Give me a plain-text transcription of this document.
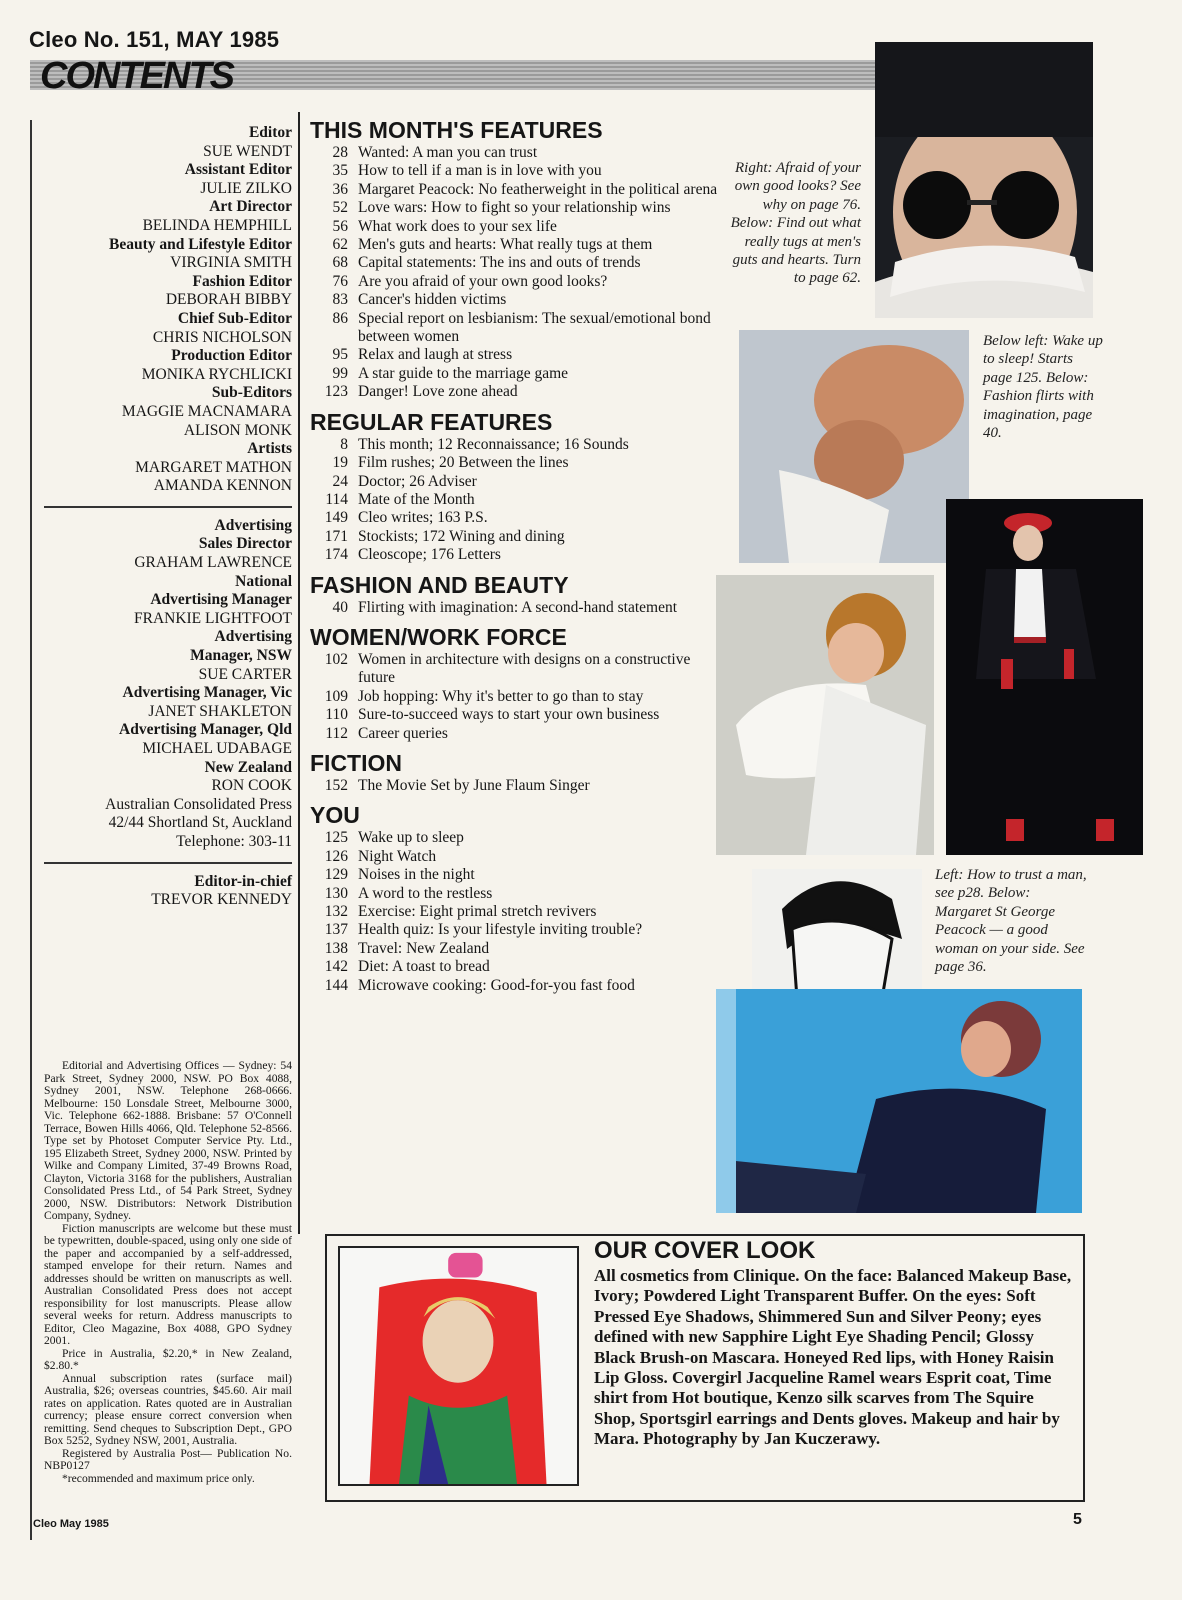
Cleo No. 151, MAY 1985
CONTENTS
Editor
SUE WENDT
Assistant Editor
JULIE ZILKO
Art Director
BELINDA HEMPHILL
Beauty and Lifestyle Editor
VIRGINIA SMITH
Fashion Editor
DEBORAH BIBBY
Chief Sub-Editor
CHRIS NICHOLSON
Production Editor
MONIKA RYCHLICKI
Sub-Editors
MAGGIE MACNAMARA
ALISON MONK
Artists
MARGARET MATHON
AMANDA KENNON
Advertising
Sales Director
GRAHAM LAWRENCE
National
Advertising Manager
FRANKIE LIGHTFOOT
Advertising
Manager, NSW
SUE CARTER
Advertising Manager, Vic
JANET SHAKLETON
Advertising Manager, Qld
MICHAEL UDABAGE
New Zealand
RON COOK
Australian Consolidated Press
42/44 Shortland St, Auckland
Telephone: 303-11
Editor-in-chief
TREVOR KENNEDY

Editorial and Advertising Offices — Sydney: 54 Park Street, Sydney 2000, NSW. PO Box 4088, Sydney 2001, NSW. Telephone 268-0666. Melbourne: 150 Lonsdale Street, Melbourne 3000, Vic. Telephone 662-1888. Brisbane: 57 O'Connell Terrace, Bowen Hills 4066, Qld. Telephone 52-8566. Type set by Photoset Computer Service Pty. Ltd., 195 Elizabeth Street, Sydney 2000, NSW. Printed by Wilke and Company Limited, 37-49 Browns Road, Clayton, Victoria 3168 for the publishers, Australian Consolidated Press Ltd., of 54 Park Street, Sydney 2000, NSW. Distributors: Network Distribution Company, Sydney.

Fiction manuscripts are welcome but these must be typewritten, double-spaced, using only one side of the paper and accompanied by a self-addressed, stamped envelope for their return. Names and addresses should be written on manuscripts as well. Australian Consolidated Press does not accept responsibility for lost manuscripts. Please allow several weeks for return. Address manuscripts to Editor, Cleo Magazine, Box 4088, GPO Sydney 2001.

Price in Australia, $2.20,* in New Zealand, $2.80.*

Annual subscription rates (surface mail) Australia, $26; overseas countries, $45.60. Air mail rates on application. Rates quoted are in Australian currency; please ensure correct conversion when remitting. Send cheques to Subscription Dept., GPO Box 5252, Sydney NSW, 2001, Australia.

Registered by Australia Post— Publication No. NBP0127

*recommended and maximum price only.

THIS MONTH'S FEATURES
28 Wanted: A man you can trust
35 How to tell if a man is in love with you
36 Margaret Peacock: No featherweight in the political arena
52 Love wars: How to fight so your relationship wins
56 What work does to your sex life
62 Men's guts and hearts: What really tugs at them
68 Capital statements: The ins and outs of trends
76 Are you afraid of your own good looks?
83 Cancer's hidden victims
86 Special report on lesbianism: The sexual/emotional bond between women
95 Relax and laugh at stress
99 A star guide to the marriage game
123 Danger! Love zone ahead
REGULAR FEATURES
8 This month; 12 Reconnaissance; 16 Sounds
19 Film rushes; 20 Between the lines
24 Doctor; 26 Adviser
114 Mate of the Month
149 Cleo writes; 163 P.S.
171 Stockists; 172 Wining and dining
174 Cleoscope; 176 Letters
FASHION AND BEAUTY
40 Flirting with imagination: A second-hand statement
WOMEN/WORK FORCE
102 Women in architecture with designs on a constructive future
109 Job hopping: Why it's better to go than to stay
110 Sure-to-succeed ways to start your own business
112 Career queries
FICTION
152 The Movie Set by June Flaum Singer
YOU
125 Wake up to sleep
126 Night Watch
129 Noises in the night
130 A word to the restless
132 Exercise: Eight primal stretch revivers
137 Health quiz: Is your lifestyle inviting trouble?
138 Travel: New Zealand
142 Diet: A toast to bread
144 Microwave cooking: Good-for-you fast food
Right: Afraid of your own good looks? See why on page 76. Below: Find out what really tugs at men's guts and hearts. Turn to page 62.
Below left: Wake up to sleep! Starts page 125. Below: Fashion flirts with imagination, page 40.
Left: How to trust a man, see p28. Below: Margaret St George Peacock — a good woman on your side. See page 36.
OUR COVER LOOK
All cosmetics from Clinique. On the face: Balanced Makeup Base, Ivory; Powdered Light Transparent Buffer. On the eyes: Soft Pressed Eye Shadows, Shimmered Sun and Silver Peony; eyes defined with new Sapphire Light Eye Shading Pencil; Glossy Black Brush-on Mascara. Honeyed Red lips, with Honey Raisin Lip Gloss. Covergirl Jacqueline Ramel wears Esprit coat, Time shirt from Hot boutique, Kenzo silk scarves from The Squire Shop, Sportsgirl earrings and Dents gloves. Makeup and hair by Mara. Photography by Jan Kuczerawy.
Cleo May 1985	5
